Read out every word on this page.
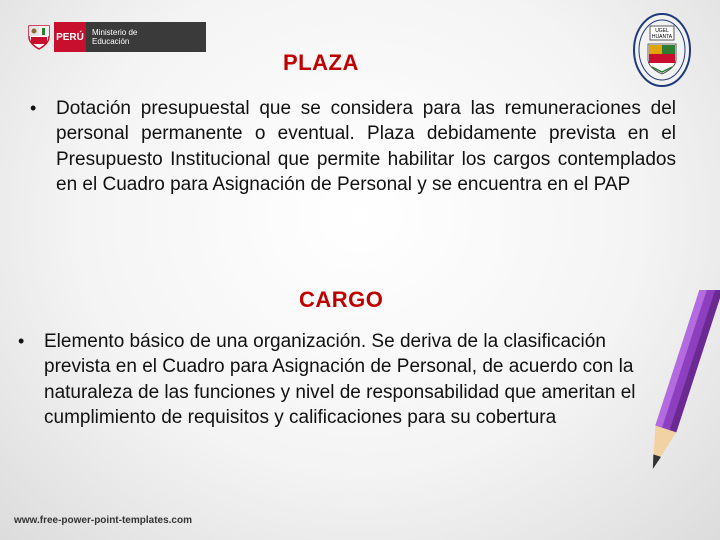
PERÚ	Ministerio de Educación
UGEL
HUANTA
PLAZA
• Dotación presupuestal que se considera para las remuneraciones del personal permanente o eventual. Plaza debidamente prevista en el Presupuesto Institucional que permite habilitar los cargos contemplados en el Cuadro para Asignación de Personal y se encuentra en el PAP
CARGO
• Elemento básico de una organización. Se deriva de la clasificación prevista en el Cuadro para Asignación de Personal, de acuerdo con la naturaleza de las funciones y nivel de responsabilidad que ameritan el cumplimiento de requisitos y calificaciones para su cobertura
www.free-power-point-templates.com
